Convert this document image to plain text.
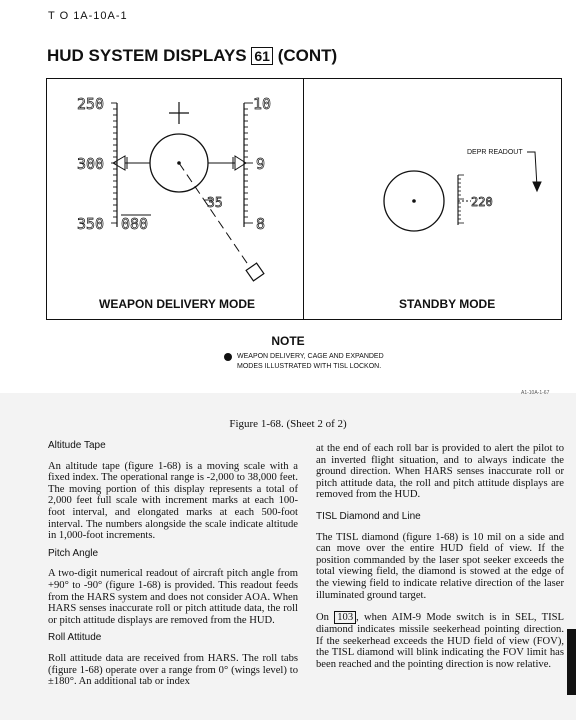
T O 1A-10A-1
HUD SYSTEM DISPLAYS 61 (CONT)
250
300
350 080
10
9
8
35	220
DEPR READOUT
WEAPON DELIVERY MODE	STANDBY MODE
NOTE
WEAPON DELIVERY, CAGE AND EXPANDED
MODES ILLUSTRATED WITH TISL LOCKON.
A1-10A-1-67
Figure 1-68. (Sheet 2 of 2)

Altitude Tape

An altitude tape (figure 1-68) is a moving scale with a fixed index. The operational range is -2,000 to 38,000 feet. The moving portion of this display represents a total of 2,000 feet full scale with increment marks at each 100-foot interval, and elongated marks at each 500-foot interval. The numbers alongside the scale indicate altitude in 1,000-foot increments.

Pitch Angle

A two-digit numerical readout of aircraft pitch angle from +90° to -90° (figure 1-68) is provided. This readout feeds from the HARS system and does not consider AOA. When HARS senses inaccurate roll or pitch attitude data, the roll or pitch attitude displays are removed from the HUD.

Roll Attitude

Roll attitude data are received from HARS. The roll tabs (figure 1-68) operate over a range from 0° (wings level) to ±180°. An additional tab or index

at the end of each roll bar is provided to alert the pilot to an inverted flight situation, and to always indicate the ground direction. When HARS senses inaccurate roll or pitch attitude data, the roll and pitch attitude displays are removed from the HUD.

TISL Diamond and Line

The TISL diamond (figure 1-68) is 10 mil on a side and can move over the entire HUD field of view. If the position commanded by the laser spot seeker exceeds the total viewing field, the diamond is stowed at the edge of the viewing field to indicate relative direction of the laser illuminated ground target.

On 103 , when AIM-9 Mode switch is in SEL, TISL diamond indicates missile seekerhead pointing direction. If the seekerhead exceeds the HUD field of view (FOV), the TISL diamond will blink indicating the FOV limit has been reached and the pointing direction is now relative.
